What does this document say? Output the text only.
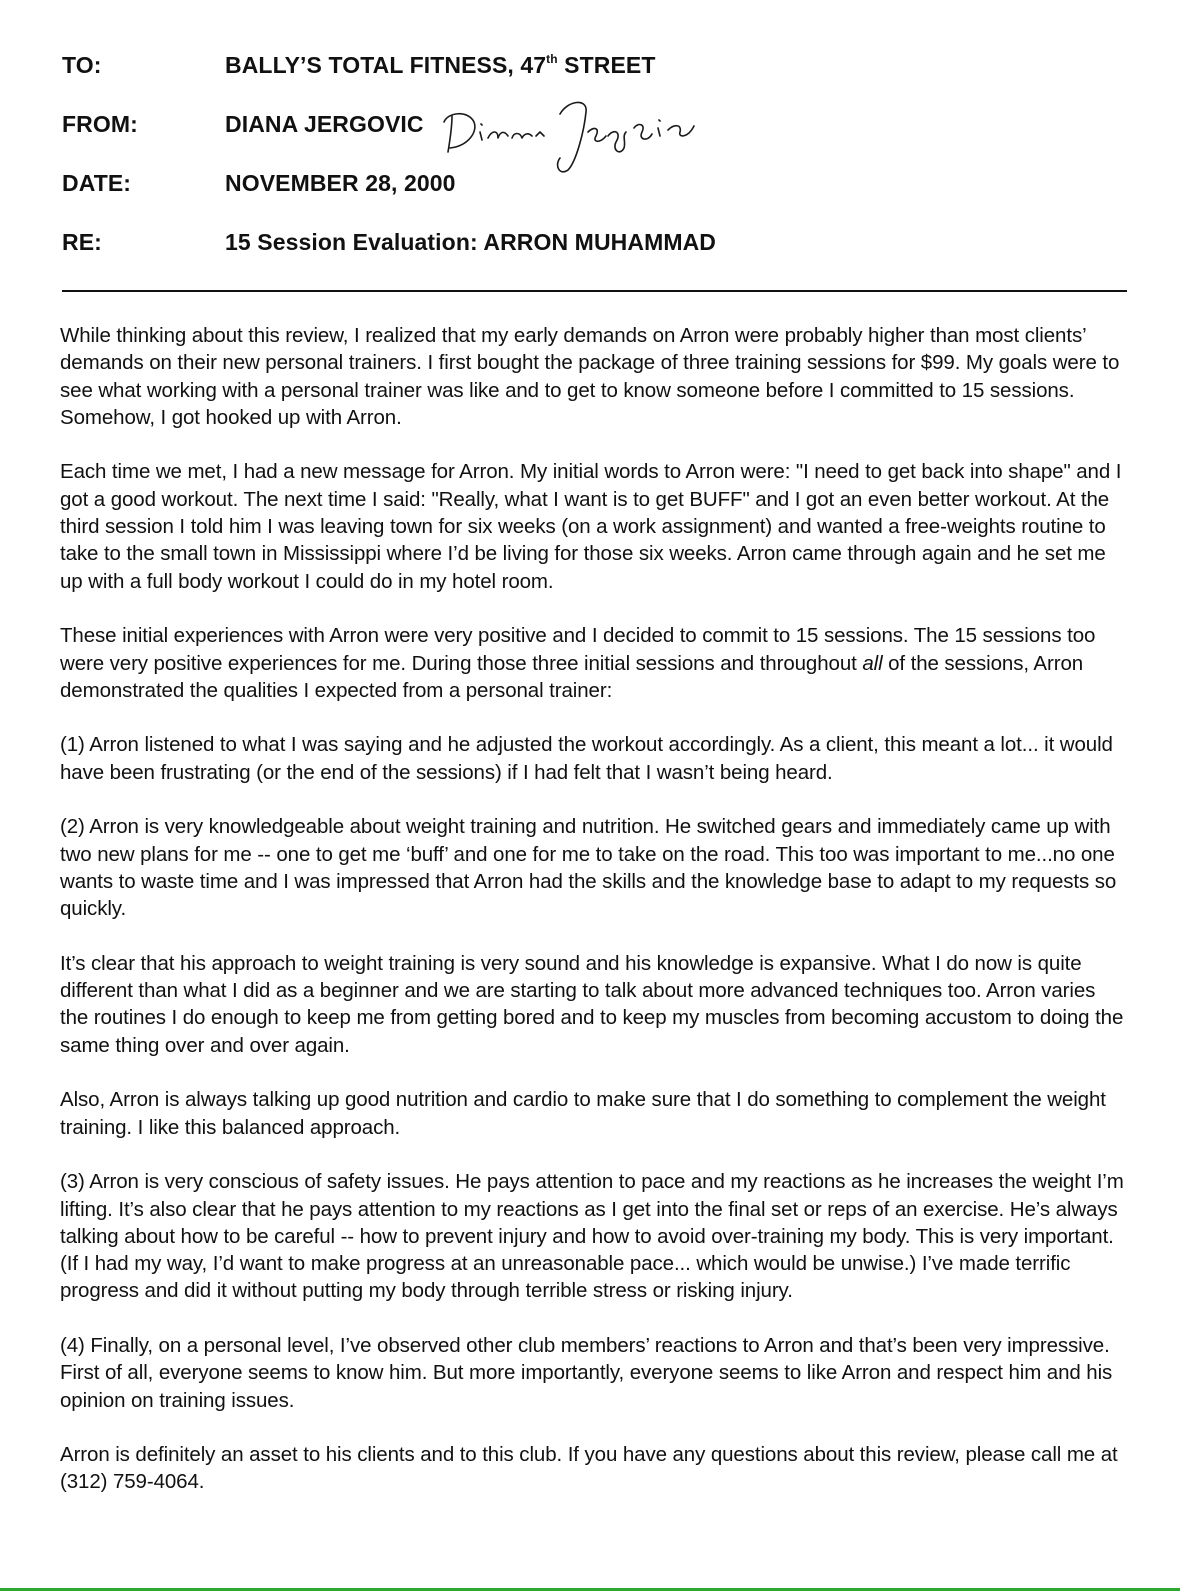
TO:	BALLY’S TOTAL FITNESS, 47th STREET
FROM:	DIANA JERGOVIC
DATE:	NOVEMBER 28, 2000
RE:	15 Session Evaluation: ARRON MUHAMMAD

While thinking about this review, I realized that my early demands on Arron were probably higher than most clients’ demands on their new personal trainers. I first bought the package of three training sessions for $99. My goals were to see what working with a personal trainer was like and to get to know someone before I committed to 15 sessions. Somehow, I got hooked up with Arron.

Each time we met, I had a new message for Arron. My initial words to Arron were: "I need to get back into shape" and I got a good workout. The next time I said: "Really, what I want is to get BUFF" and I got an even better workout. At the third session I told him I was leaving town for six weeks (on a work assignment) and wanted a free-weights routine to take to the small town in Mississippi where I’d be living for those six weeks. Arron came through again and he set me up with a full body workout I could do in my hotel room.

These initial experiences with Arron were very positive and I decided to commit to 15 sessions. The 15 sessions too were very positive experiences for me. During those three initial sessions and throughout all of the sessions, Arron demonstrated the qualities I expected from a personal trainer:

(1) Arron listened to what I was saying and he adjusted the workout accordingly. As a client, this meant a lot... it would have been frustrating (or the end of the sessions) if I had felt that I wasn’t being heard.

(2) Arron is very knowledgeable about weight training and nutrition. He switched gears and immediately came up with two new plans for me -- one to get me ‘buff’ and one for me to take on the road. This too was important to me...no one wants to waste time and I was impressed that Arron had the skills and the knowledge base to adapt to my requests so quickly.

It’s clear that his approach to weight training is very sound and his knowledge is expansive. What I do now is quite different than what I did as a beginner and we are starting to talk about more advanced techniques too. Arron varies the routines I do enough to keep me from getting bored and to keep my muscles from becoming accustom to doing the same thing over and over again.

Also, Arron is always talking up good nutrition and cardio to make sure that I do something to complement the weight training. I like this balanced approach.

(3) Arron is very conscious of safety issues. He pays attention to pace and my reactions as he increases the weight I’m lifting. It’s also clear that he pays attention to my reactions as I get into the final set or reps of an exercise. He’s always talking about how to be careful -- how to prevent injury and how to avoid over-training my body. This is very important. (If I had my way, I’d want to make progress at an unreasonable pace... which would be unwise.) I’ve made terrific progress and did it without putting my body through terrible stress or risking injury.

(4) Finally, on a personal level, I’ve observed other club members’ reactions to Arron and that’s been very impressive. First of all, everyone seems to know him. But more importantly, everyone seems to like Arron and respect him and his opinion on training issues.

Arron is definitely an asset to his clients and to this club. If you have any questions about this review, please call me at (312) 759-4064.
